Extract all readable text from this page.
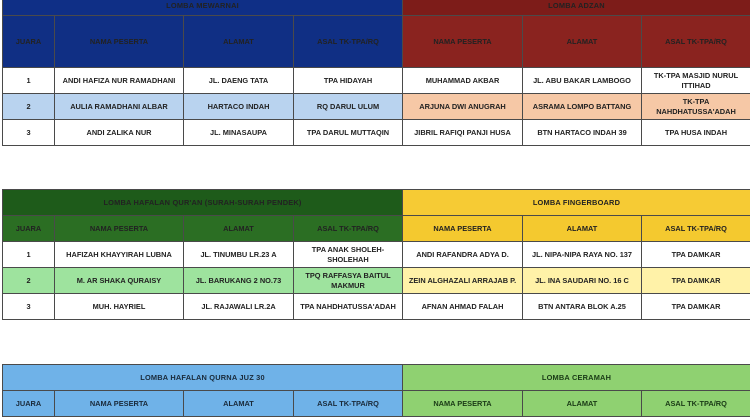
LOMBA MEWARNAI			
JUARA	NAMA PESERTA	ALAMAT	ASAL TK-TPA/RQ
1	ANDI HAFIZA NUR RAMADHANI	JL. DAENG TATA	TPA HIDAYAH
2	AULIA RAMADHANI ALBAR	HARTACO INDAH	RQ DARUL ULUM
3	ANDI ZALIKA NUR	JL. MINASAUPA	TPA DARUL MUTTAQIN
LOMBA ADZAN		
NAMA PESERTA	ALAMAT	ASAL TK-TPA/RQ
MUHAMMAD AKBAR	JL. ABU BAKAR LAMBOGO	TK-TPA MASJID NURUL ITTIHAD
ARJUNA DWI ANUGRAH	ASRAMA LOMPO BATTANG	TK-TPA NAHDHATUSSA'ADAH
JIBRIL RAFIQI PANJI HUSA	BTN HARTACO INDAH 39	TPA HUSA INDAH
LOMBA HAFALAN QUR'AN (SURAH-SURAH PENDEK)			
JUARA	NAMA PESERTA	ALAMAT	ASAL TK-TPA/RQ
1	HAFIZAH KHAYYIRAH LUBNA	JL. TINUMBU LR.23 A	TPA ANAK SHOLEH-SHOLEHAH
2	M. AR SHAKA QURAISY	JL. BARUKANG 2 NO.73	TPQ RAFFASYA BAITUL MAKMUR
3	MUH. HAYRIEL	JL. RAJAWALI LR.2A	TPA NAHDHATUSSA'ADAH
LOMBA FINGERBOARD		
NAMA PESERTA	ALAMAT	ASAL TK-TPA/RQ
ANDI RAFANDRA ADYA D.	JL. NIPA-NIPA RAYA NO. 137	TPA DAMKAR
ZEIN ALGHAZALI ARRAJAB P.	JL. INA SAUDARI NO. 16 C	TPA DAMKAR
AFNAN AHMAD FALAH	BTN ANTARA BLOK A.25	TPA DAMKAR
LOMBA HAFALAN QURNA JUZ 30
JUARA	NAMA PESERTA	ALAMAT	ASAL TK-TPA/RQ
LOMBA CERAMAH
NAMA PESERTA	ALAMAT	ASAL TK-TPA/RQ
